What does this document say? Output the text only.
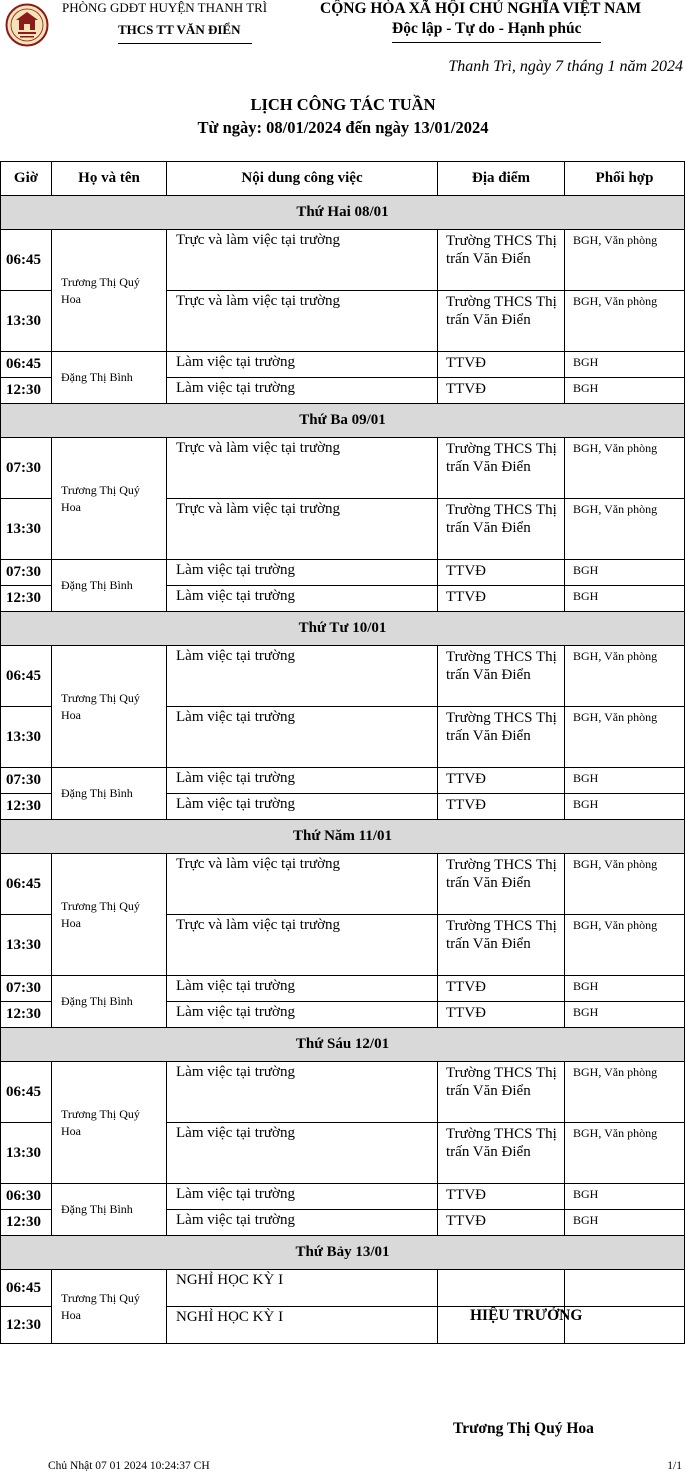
PHÒNG GDĐT HUYỆN THANH TRÌ
THCS TT VĂN ĐIỂN
CỘNG HÒA XÃ HỘI CHỦ NGHĨA VIỆT NAM
Độc lập - Tự do - Hạnh phúc
Thanh Trì, ngày 7 tháng 1 năm 2024
LỊCH CÔNG TÁC TUẦN
Từ ngày: 08/01/2024 đến ngày 13/01/2024
Giờ	Họ và tên	Nội dung công việc	Địa điểm	Phối hợp
Thứ Hai 08/01				
06:45	Trương Thị Quý Hoa	Trực và làm việc tại trường	Trường THCS Thị trấn Văn Điển	BGH, Văn phòng
13:30		Trực và làm việc tại trường	Trường THCS Thị trấn Văn Điển	BGH, Văn phòng
06:45	Đặng Thị Bình	Làm việc tại trường	TTVĐ	BGH
12:30		Làm việc tại trường	TTVĐ	BGH
Thứ Ba 09/01				
07:30	Trương Thị Quý Hoa	Trực và làm việc tại trường	Trường THCS Thị trấn Văn Điển	BGH, Văn phòng
13:30		Trực và làm việc tại trường	Trường THCS Thị trấn Văn Điển	BGH, Văn phòng
07:30	Đặng Thị Bình	Làm việc tại trường	TTVĐ	BGH
12:30		Làm việc tại trường	TTVĐ	BGH
Thứ Tư 10/01				
06:45	Trương Thị Quý Hoa	Làm việc tại trường	Trường THCS Thị trấn Văn Điển	BGH, Văn phòng
13:30		Làm việc tại trường	Trường THCS Thị trấn Văn Điển	BGH, Văn phòng
07:30	Đặng Thị Bình	Làm việc tại trường	TTVĐ	BGH
12:30		Làm việc tại trường	TTVĐ	BGH
Thứ Năm 11/01				
06:45	Trương Thị Quý Hoa	Trực và làm việc tại trường	Trường THCS Thị trấn Văn Điển	BGH, Văn phòng
13:30		Trực và làm việc tại trường	Trường THCS Thị trấn Văn Điển	BGH, Văn phòng
07:30	Đặng Thị Bình	Làm việc tại trường	TTVĐ	BGH
12:30		Làm việc tại trường	TTVĐ	BGH
Thứ Sáu 12/01				
06:45	Trương Thị Quý Hoa	Làm việc tại trường	Trường THCS Thị trấn Văn Điển	BGH, Văn phòng
13:30		Làm việc tại trường	Trường THCS Thị trấn Văn Điển	BGH, Văn phòng
06:30	Đặng Thị Bình	Làm việc tại trường	TTVĐ	BGH
12:30		Làm việc tại trường	TTVĐ	BGH
Thứ Bảy 13/01				
06:45	Trương Thị Quý Hoa	NGHỈ HỌC KỲ I		
12:30		NGHỈ HỌC KỲ I			HIỆU TRƯỞNG
Trương Thị Quý Hoa
Chủ Nhật 07 01 2024 10:24:37 CH	1/1
